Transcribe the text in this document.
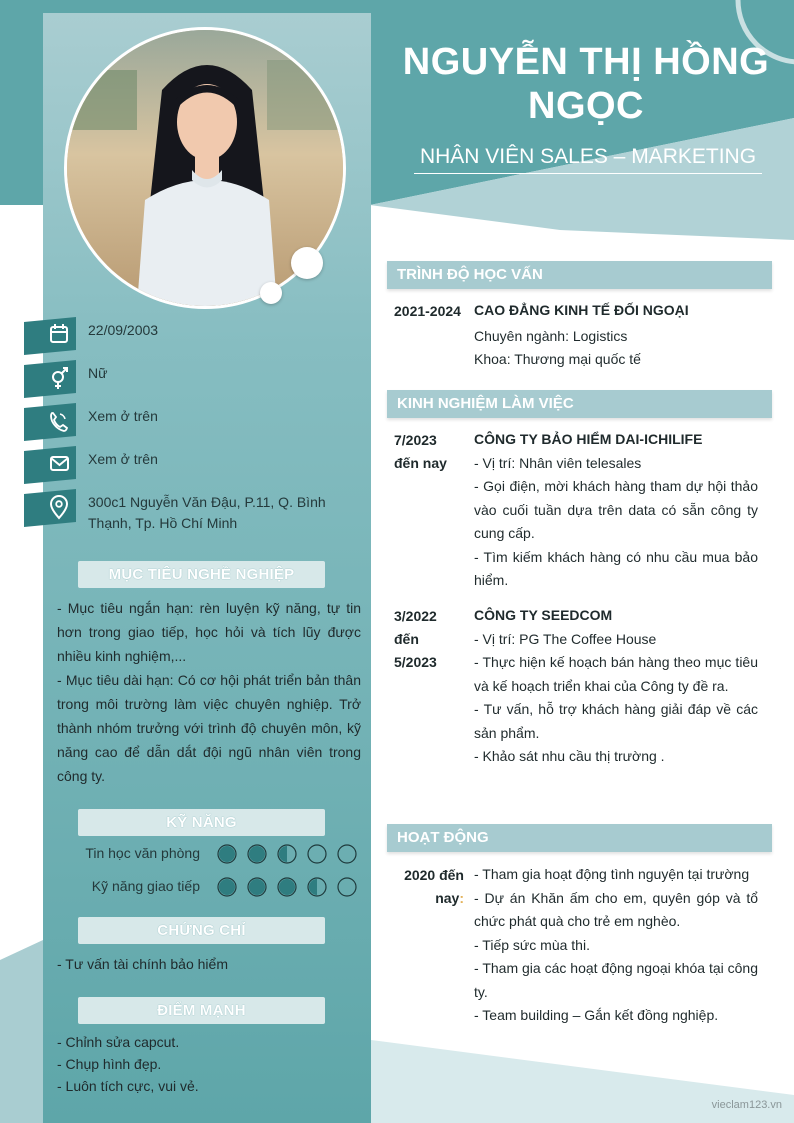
22/09/2003
Nữ
Xem ở trên
Xem ở trên
300c1 Nguyễn Văn Đậu, P.11, Q. Bình Thạnh, Tp. Hồ Chí Minh
MỤC TIÊU NGHỀ NGHIỆP
- Mục tiêu ngắn hạn: rèn luyện kỹ năng, tự tin hơn trong giao tiếp, học hỏi và tích lũy được nhiều kinh nghiệm,...
- Mục tiêu dài hạn: Có cơ hội phát triển bản thân trong môi trường làm việc chuyên nghiệp. Trở thành nhóm trưởng với trình độ chuyên môn, kỹ năng cao để dẫn dắt đội ngũ nhân viên trong công ty.
KỸ NĂNG
Tin học văn phòng
Kỹ năng giao tiếp
CHỨNG CHỈ
- Tư vấn tài chính bảo hiểm
ĐIỂM MẠNH
- Chỉnh sửa capcut.
- Chụp hình đẹp.
- Luôn tích cực, vui vẻ.
NGUYỄN THỊ HỒNG
NGỌC
NHÂN VIÊN SALES – MARKETING
TRÌNH ĐỘ HỌC VẤN
2021-2024 CAO ĐẲNG KINH TẾ ĐỐI NGOẠI
Chuyên ngành: Logistics
Khoa: Thương mại quốc tế
KINH NGHIỆM LÀM VIỆC
7/2023
đến nay
CÔNG TY BẢO HIỂM DAI-ICHILIFE
- Vị trí: Nhân viên telesales
- Gọi điện, mời khách hàng tham dự hội thảo vào cuối tuần dựa trên data có sẵn công ty cung cấp.
- Tìm kiếm khách hàng có nhu cầu mua bảo hiểm.
3/2022
đến
5/2023
CÔNG TY SEEDCOM
- Vị trí: PG The Coffee House
- Thực hiện kế hoạch bán hàng theo mục tiêu và kế hoạch triển khai của Công ty đề ra.
- Tư vấn, hỗ trợ khách hàng giải đáp về các sản phẩm.
- Khảo sát nhu cầu thị trường .
HOẠT ĐỘNG
2020 đến nay:
- Tham gia hoạt động tình nguyện tại trường
- Dự án Khăn ấm cho em, quyên góp và tổ chức phát quà cho trẻ em nghèo.
- Tiếp sức mùa thi.
- Tham gia các hoạt động ngoại khóa tại công ty.
- Team building – Gắn kết đồng nghiệp.
vieclam123.vn
